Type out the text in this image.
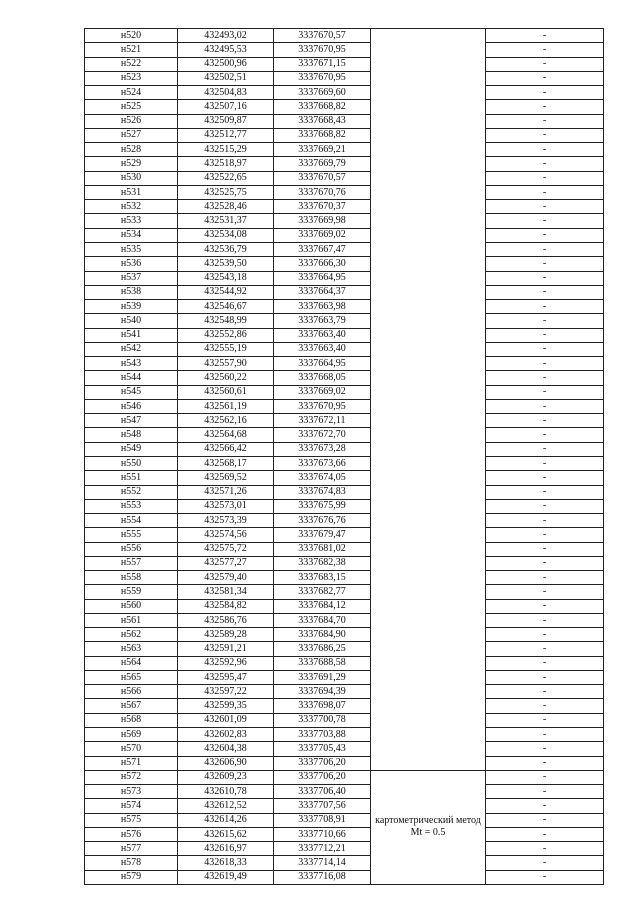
н520	432493,02	3337670,57		-
н521	432495,53	3337670,95		-
н522	432500,96	3337671,15		-
н523	432502,51	3337670,95		-
н524	432504,83	3337669,60		-
н525	432507,16	3337668,82		-
н526	432509,87	3337668,43		-
н527	432512,77	3337668,82		-
н528	432515,29	3337669,21		-
н529	432518,97	3337669,79		-
н530	432522,65	3337670,57		-
н531	432525,75	3337670,76		-
н532	432528,46	3337670,37		-
н533	432531,37	3337669,98		-
н534	432534,08	3337669,02		-
н535	432536,79	3337667,47		-
н536	432539,50	3337666,30		-
н537	432543,18	3337664,95		-
н538	432544,92	3337664,37		-
н539	432546,67	3337663,98		-
н540	432548,99	3337663,79		-
н541	432552,86	3337663,40		-
н542	432555,19	3337663,40		-
н543	432557,90	3337664,95		-
н544	432560,22	3337668,05		-
н545	432560,61	3337669,02		-
н546	432561,19	3337670,95		-
н547	432562,16	3337672,11		-
н548	432564,68	3337672,70		-
н549	432566,42	3337673,28		-
н550	432568,17	3337673,66		-
н551	432569,52	3337674,05		-
н552	432571,26	3337674,83		-
н553	432573,01	3337675,99		-
н554	432573,39	3337676,76		-
н555	432574,56	3337679,47		-
н556	432575,72	3337681,02		-
н557	432577,27	3337682,38		-
н558	432579,40	3337683,15		-
н559	432581,34	3337682,77		-
н560	432584,82	3337684,12		-
н561	432586,76	3337684,70		-
н562	432589,28	3337684,90		-
н563	432591,21	3337686,25		-
н564	432592,96	3337688,58		-
н565	432595,47	3337691,29		-
н566	432597,22	3337694,39		-
н567	432599,35	3337698,07		-
н568	432601,09	3337700,78		-
н569	432602,83	3337703,88		-
н570	432604,38	3337705,43		-
н571	432606,90	3337706,20		-
н572	432609,23	3337706,20	картометрический метод Mt = 0.5	-
н573	432610,78	3337706,40		-
н574	432612,52	3337707,56		-
н575	432614,26	3337708,91		-
н576	432615,62	3337710,66		-
н577	432616,97	3337712,21		-
н578	432618,33	3337714,14		-
н579	432619,49	3337716,08		-
